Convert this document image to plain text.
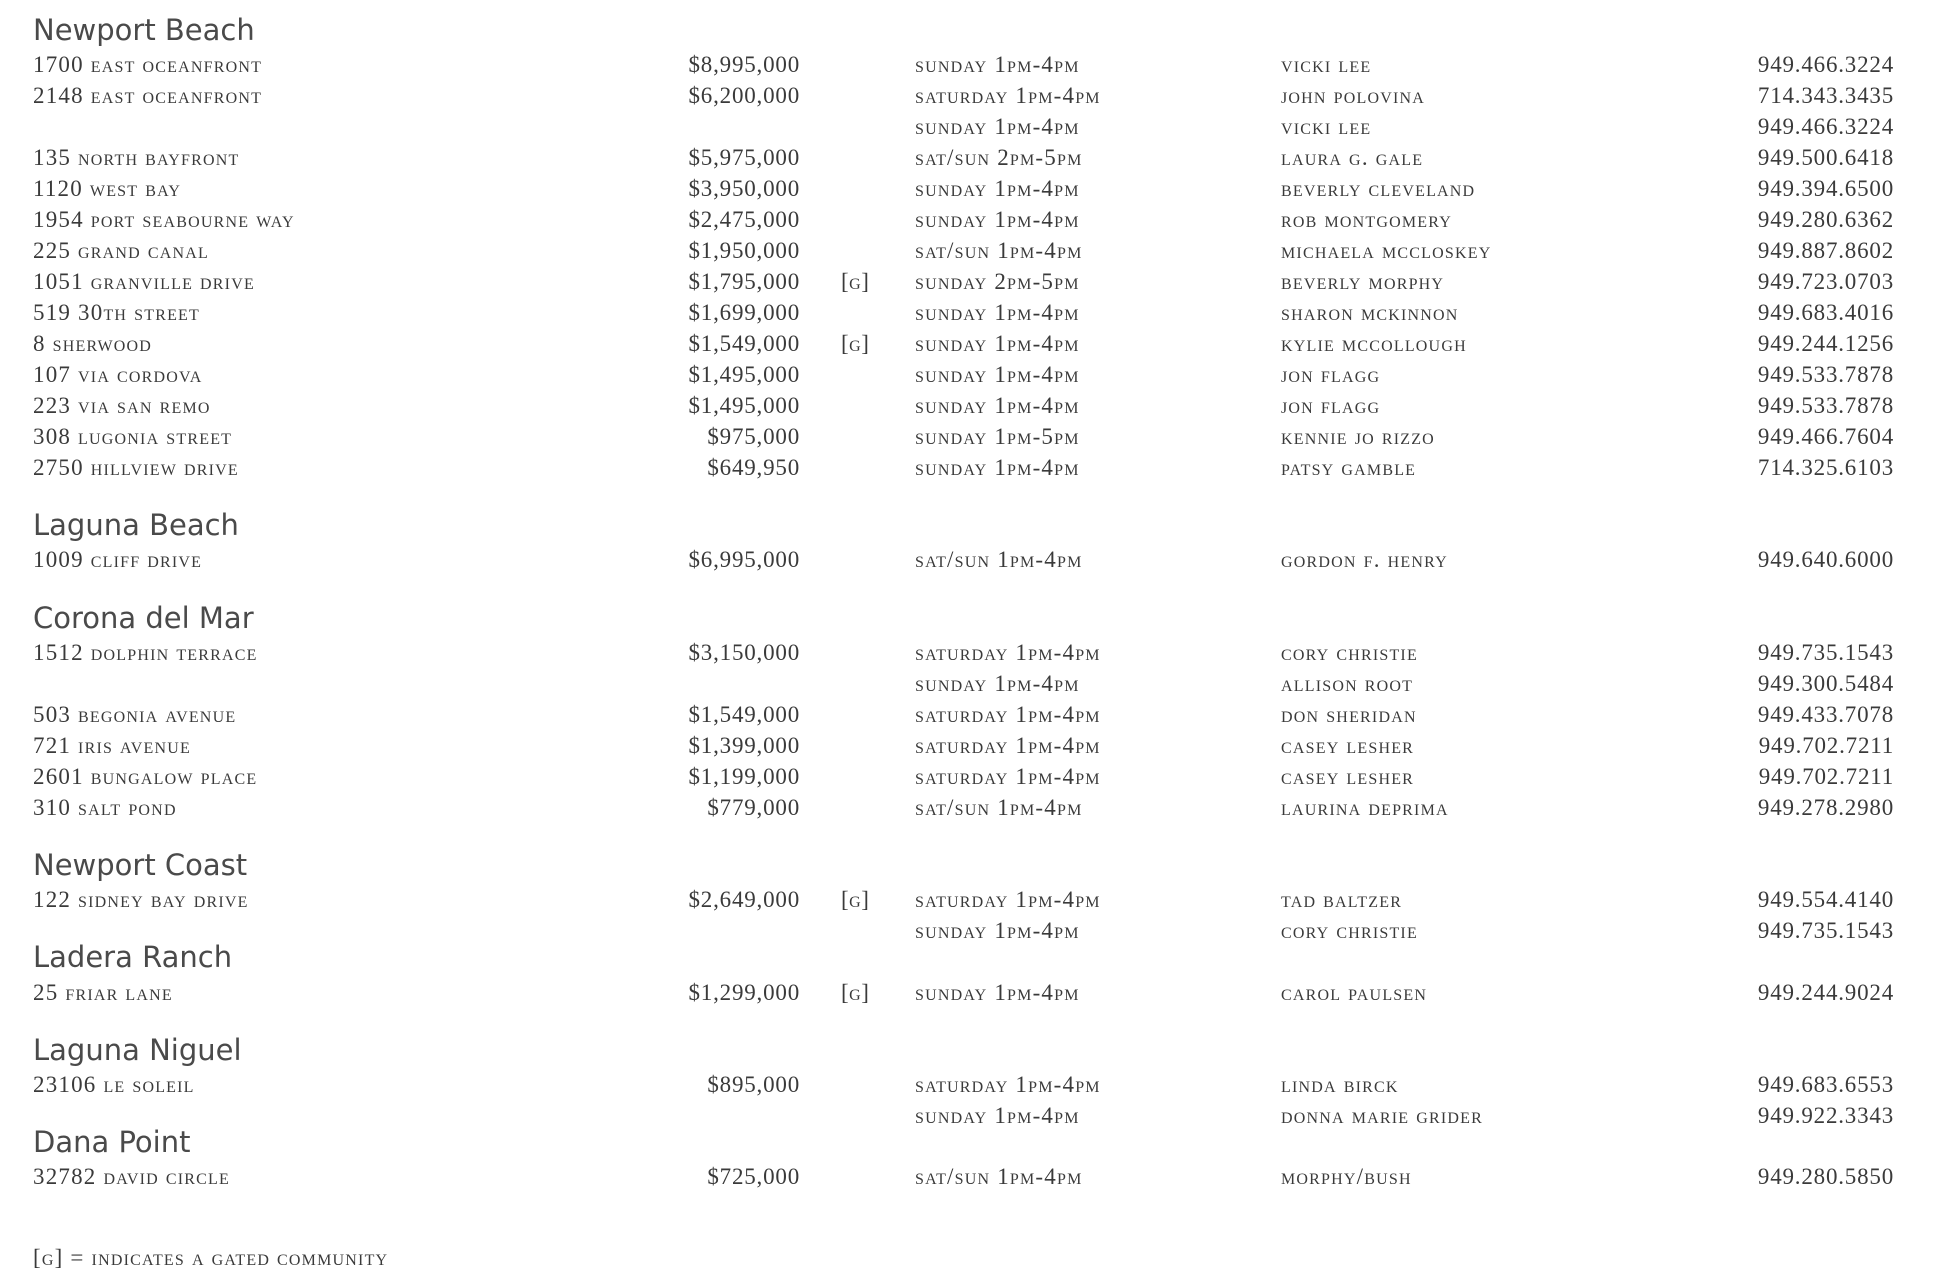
Newport Beach
1700 east oceanfront	$8,995,000	sunday 1pm-4pm	vicki lee	949.466.3224
2148 east oceanfront	$6,200,000	saturday 1pm-4pm	john polovina	714.343.3435
sunday 1pm-4pm	vicki lee	949.466.3224
135 north bayfront	$5,975,000	sat/sun 2pm-5pm	laura g. gale	949.500.6418
1120 west bay	$3,950,000	sunday 1pm-4pm	beverly cleveland	949.394.6500
1954 port seabourne way	$2,475,000	sunday 1pm-4pm	rob montgomery	949.280.6362
225 grand canal	$1,950,000	sat/sun 1pm-4pm	michaela mccloskey	949.887.8602
1051 granville drive	$1,795,000 [g] sunday 2pm-5pm	beverly morphy	949.723.0703
519 30th street	$1,699,000	sunday 1pm-4pm	sharon mckinnon	949.683.4016
8 sherwood	$1,549,000 [g] sunday 1pm-4pm	kylie mccollough	949.244.1256
107 via cordova	$1,495,000	sunday 1pm-4pm	jon flagg	949.533.7878
223 via san remo	$1,495,000	sunday 1pm-4pm	jon flagg	949.533.7878
308 lugonia street	$975,000	sunday 1pm-5pm	kennie jo rizzo	949.466.7604
2750 hillview drive	$649,950	sunday 1pm-4pm	patsy gamble	714.325.6103
Laguna Beach
1009 cliff drive	$6,995,000	sat/sun 1pm-4pm	gordon f. henry	949.640.6000
Corona del Mar
1512 dolphin terrace	$3,150,000	saturday 1pm-4pm	cory christie	949.735.1543
sunday 1pm-4pm	allison root	949.300.5484
503 begonia avenue	$1,549,000	saturday 1pm-4pm	don sheridan	949.433.7078
721 iris avenue	$1,399,000	saturday 1pm-4pm	casey lesher	949.702.7211
2601 bungalow place	$1,199,000	saturday 1pm-4pm	casey lesher	949.702.7211
310 salt pond	$779,000	sat/sun 1pm-4pm	laurina deprima	949.278.2980
Newport Coast
122 sidney bay drive	$2,649,000 [g] saturday 1pm-4pm	tad baltzer	949.554.4140
sunday 1pm-4pm	cory christie	949.735.1543
Ladera Ranch
25 friar lane	$1,299,000 [g] sunday 1pm-4pm	carol paulsen	949.244.9024
Laguna Niguel
23106 le soleil	$895,000	saturday 1pm-4pm	linda birck	949.683.6553
sunday 1pm-4pm	donna marie grider	949.922.3343
Dana Point
32782 david circle	$725,000	sat/sun 1pm-4pm	morphy/bush	949.280.5850
[g] = indicates a gated community
